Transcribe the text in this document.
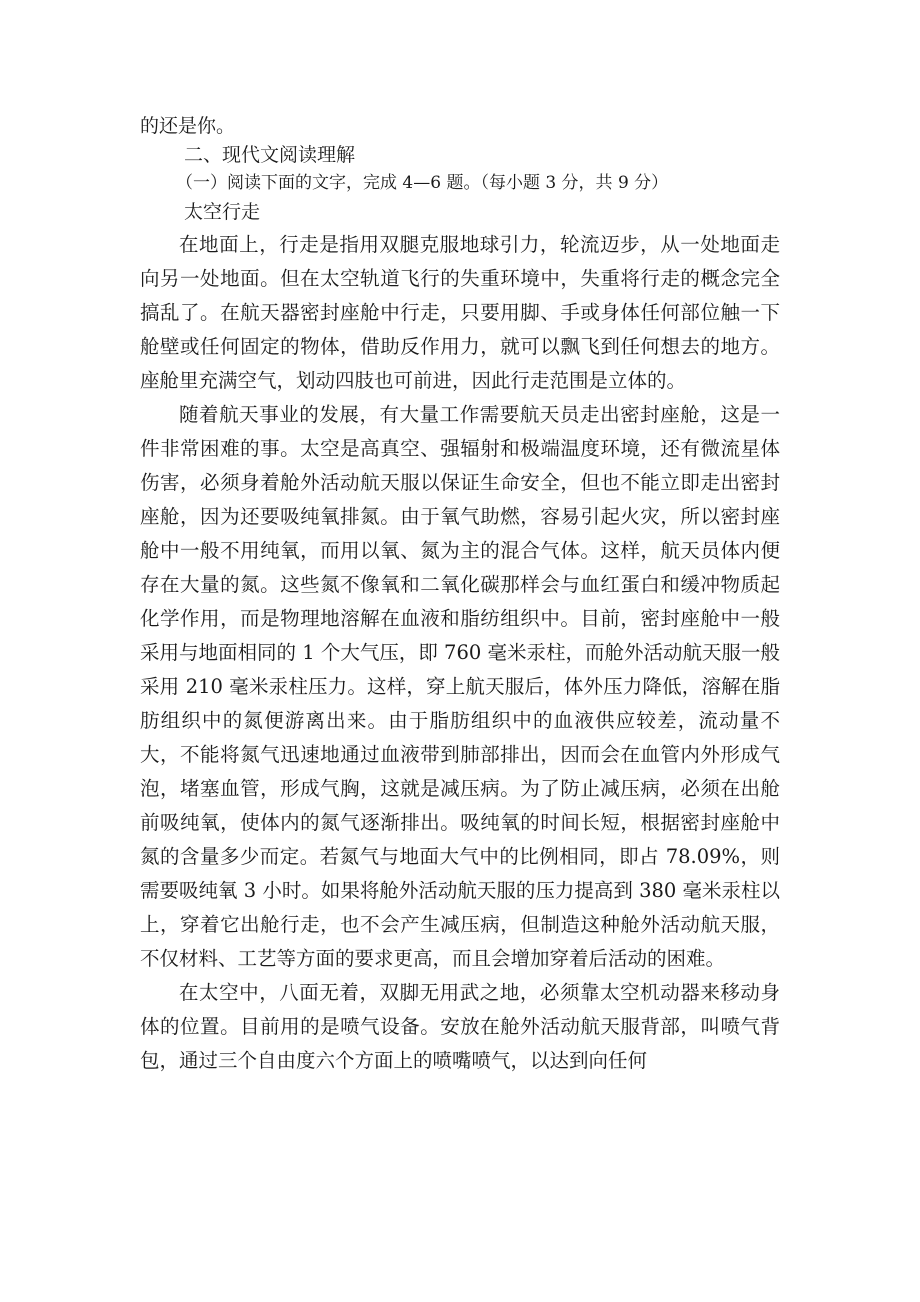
的还是你。
二、现代文阅读理解
（一）阅读下面的文字，完成 4—6 题。（每小题 3 分，共 9 分）
太空行走

在地面上，行走是指用双腿克服地球引力，轮流迈步，从一处地面走向另一处地面。但在太空轨道飞行的失重环境中，失重将行走的概念完全搞乱了。在航天器密封座舱中行走，只要用脚、手或身体任何部位触一下舱壁或任何固定的物体，借助反作用力，就可以飘飞到任何想去的地方。座舱里充满空气，划动四肢也可前进，因此行走范围是立体的。

随着航天事业的发展，有大量工作需要航天员走出密封座舱，这是一件非常困难的事。太空是高真空、强辐射和极端温度环境，还有微流星体伤害，必须身着舱外活动航天服以保证生命安全，但也不能立即走出密封座舱，因为还要吸纯氧排氮。由于氧气助燃，容易引起火灾，所以密封座舱中一般不用纯氧，而用以氧、氮为主的混合气体。这样，航天员体内便存在大量的氮。这些氮不像氧和二氧化碳那样会与血红蛋白和缓冲物质起化学作用，而是物理地溶解在血液和脂纺组织中。目前，密封座舱中一般采用与地面相同的 1 个大气压，即 760 毫米汞柱，而舱外活动航天服一般采用 210 毫米汞柱压力。这样，穿上航天服后，体外压力降低，溶解在脂肪组织中的氮便游离出来。由于脂肪组织中的血液供应较差，流动量不大，不能将氮气迅速地通过血液带到肺部排出，因而会在血管内外形成气泡，堵塞血管，形成气胸，这就是减压病。为了防止减压病，必须在出舱前吸纯氧，使体内的氮气逐渐排出。吸纯氧的时间长短，根据密封座舱中氮的含量多少而定。若氮气与地面大气中的比例相同，即占 78.09%，则需要吸纯氧 3 小时。如果将舱外活动航天服的压力提高到 380 毫米汞柱以上，穿着它出舱行走，也不会产生减压病，但制造这种舱外活动航天服，不仅材料、工艺等方面的要求更高，而且会增加穿着后活动的困难。

在太空中，八面无着，双脚无用武之地，必须靠太空机动器来移动身体的位置。目前用的是喷气设备。安放在舱外活动航天服背部，叫喷气背包，通过三个自由度六个方面上的喷嘴喷气，以达到向任何
